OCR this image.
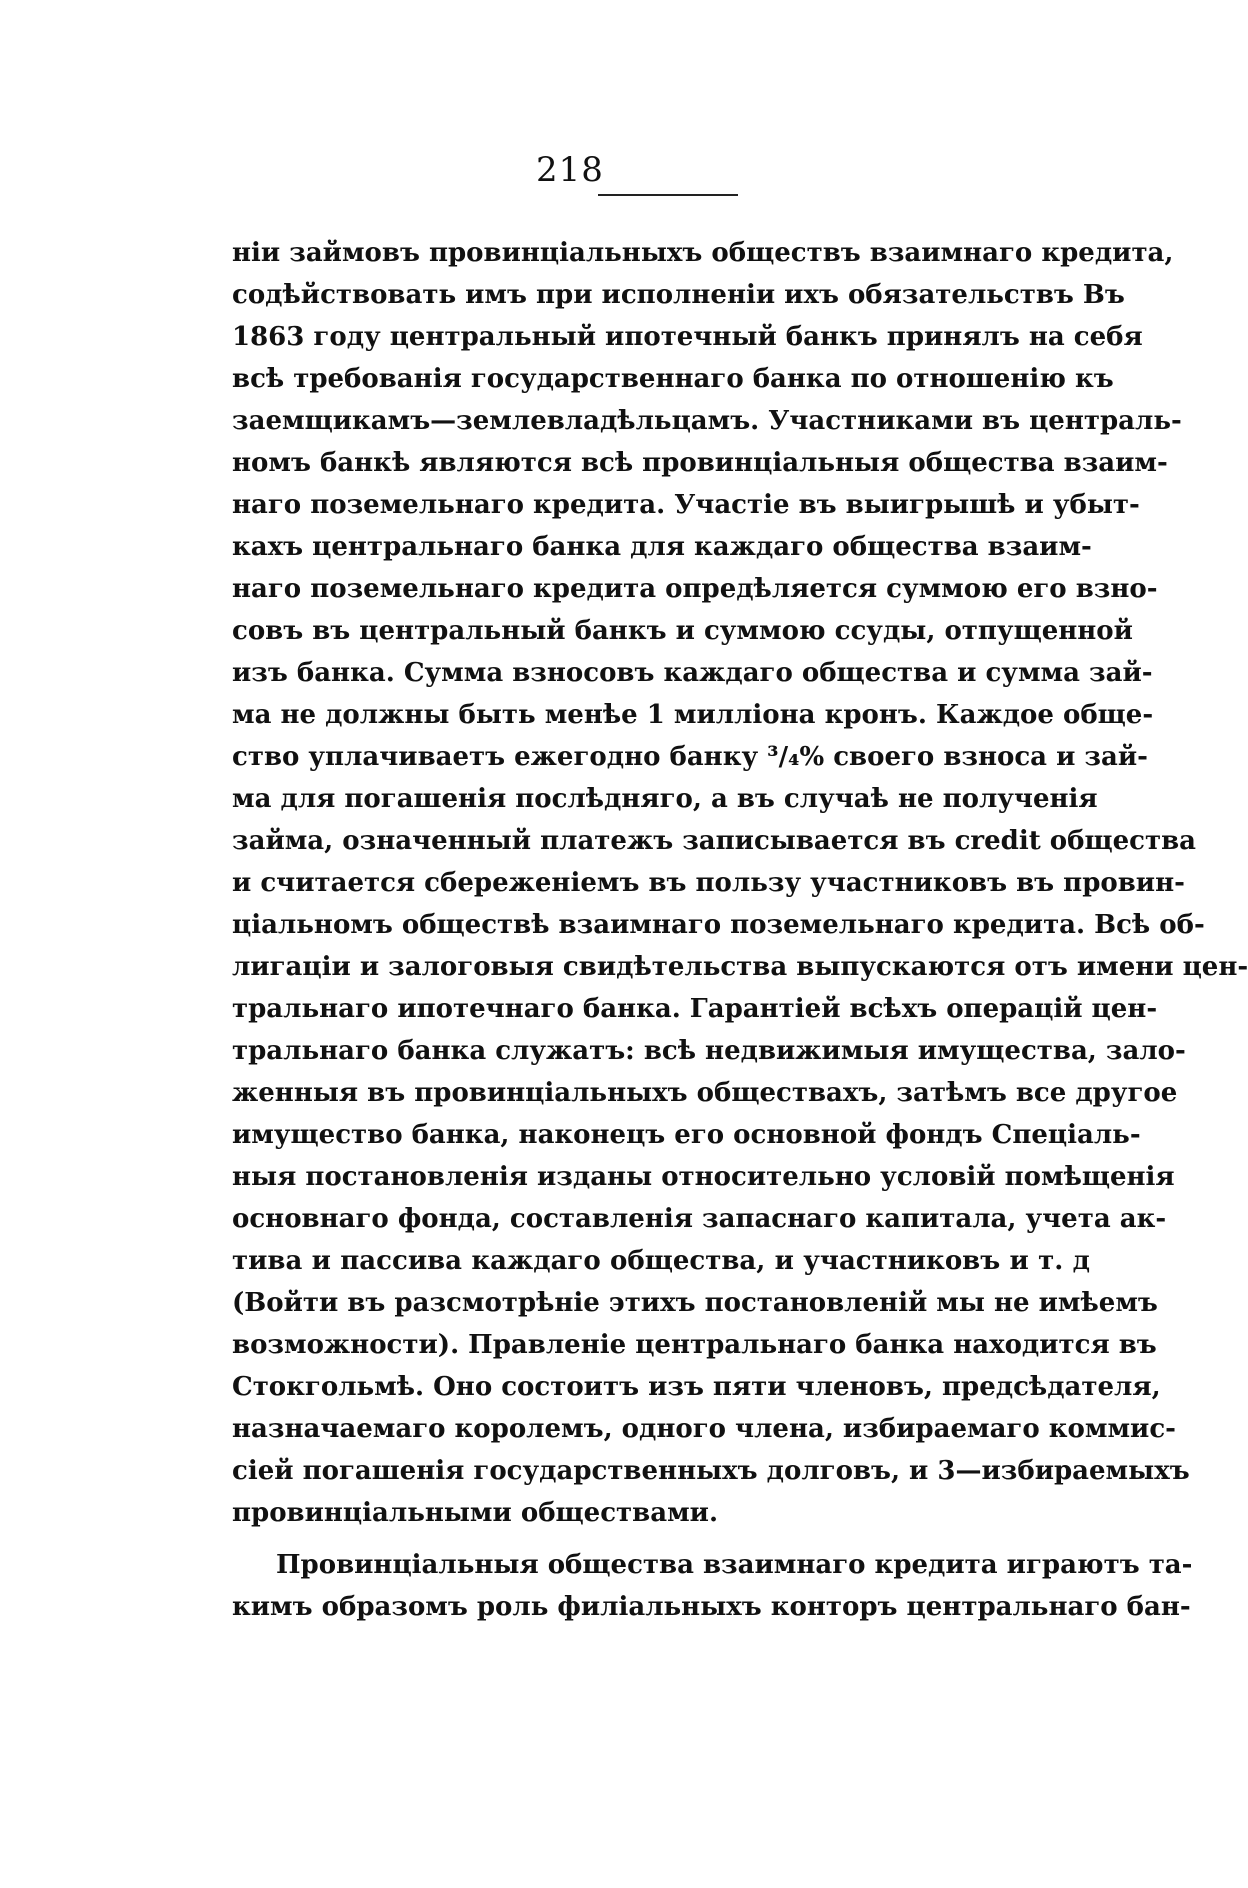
218
ніи займовъ провинціальныхъ обществъ взаимнаго кредита,
содѣйствовать имъ при исполненіи ихъ обязательствъ Въ
1863 году центральный ипотечный банкъ принялъ на себя
всѣ требованія государственнаго банка по отношенію къ
заемщикамъ—землевладѣльцамъ. Участниками въ централь-
номъ банкѣ являются всѣ провинціальныя общества взаим-
наго поземельнаго кредита. Участіе въ выигрышѣ и убыт-
кахъ центральнаго банка для каждаго общества взаим-
наго поземельнаго кредита опредѣляется суммою его взно-
совъ въ центральный банкъ и суммою ссуды, отпущенной
изъ банка. Сумма взносовъ каждаго общества и сумма зай-
ма не должны быть менѣе 1 милліона кронъ. Каждое обще-
ство уплачиваетъ ежегодно банку ³/₄% своего взноса и зай-
ма для погашенія послѣдняго, а въ случаѣ не полученія
займа, означенный платежъ записывается въ credit общества
и считается сбереженіемъ въ пользу участниковъ въ провин-
ціальномъ обществѣ взаимнаго поземельнаго кредита. Всѣ об-
лигаціи и залоговыя свидѣтельства выпускаются отъ имени цен-
тральнаго ипотечнаго банка. Гарантіей всѣхъ операцій цен-
тральнаго банка служатъ: всѣ недвижимыя имущества, зало-
женныя въ провинціальныхъ обществахъ, затѣмъ все другое
имущество банка, наконецъ его основной фондъ Спеціаль-
ныя постановленія изданы относительно условій помѣщенія
основнаго фонда, составленія запаснаго капитала, учета ак-
тива и пассива каждаго общества, и участниковъ и т. д
(Войти въ разсмотрѣніе этихъ постановленій мы не имѣемъ
возможности). Правленіе центральнаго банка находится въ
Стокгольмѣ. Оно состоитъ изъ пяти членовъ, предсѣдателя,
назначаемаго королемъ, одного члена, избираемаго коммис-
сіей погашенія государственныхъ долговъ, и 3—избираемыхъ
провинціальными обществами.
Провинціальныя общества взаимнаго кредита играютъ та-
кимъ образомъ роль филіальныхъ конторъ центральнаго бан-
